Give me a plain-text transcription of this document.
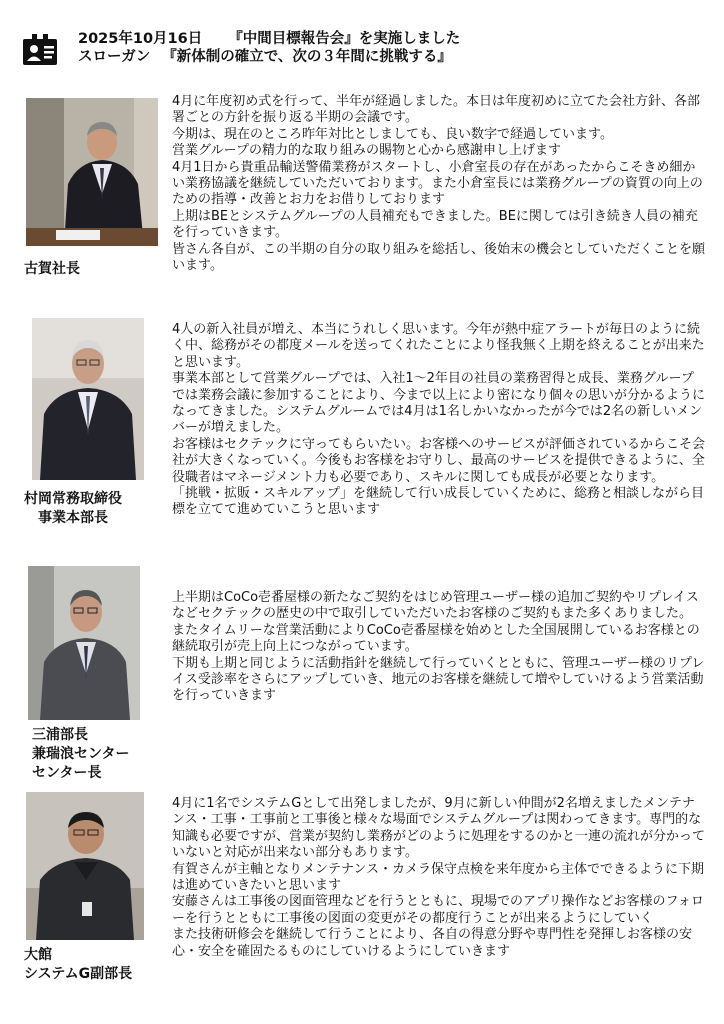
2025年10月16日 『中間目標報告会』を実施しました
スローガン 『新体制の確立で、次の３年間に挑戦する』
古賀社長

4月に年度初め式を行って、半年が経過しました。本日は年度初めに立てた会社方針、各部署ごとの方針を振り返る半期の会議です。

今期は、現在のところ昨年対比としましても、良い数字で経過しています。

営業グループの精力的な取り組みの賜物と心から感謝申し上げます

4月1日から貴重品輸送警備業務がスタートし、小倉室長の存在があったからこそきめ細かい業務協議を継続していただいております。また小倉室長には業務グループの資質の向上のための指導・改善とお力をお借りしております

上期はBEとシステムグループの人員補充もできました。BEに関しては引き続き人員の補充を行っていきます。

皆さん各自が、この半期の自分の取り組みを総括し、後始末の機会としていただくことを願います。

村岡常務取締役
事業本部長

4人の新入社員が増え、本当にうれしく思います。今年が熱中症アラートが毎日のように続く中、総務がその都度メールを送ってくれたことにより怪我無く上期を終えることが出来たと思います。

事業本部として営業グループでは、入社1～2年目の社員の業務習得と成長、業務グループでは業務会議に参加することにより、今まで以上により密になり個々の思いが分かるようになってきました。システムグルームでは4月は1名しかいなかったが今では2名の新しいメンバーが増えました。

お客様はセクテックに守ってもらいたい。お客様へのサービスが評価されているからこそ会社が大きくなっていく。今後もお客様をお守りし、最高のサービスを提供できるように、全役職者はマネージメント力も必要であり、スキルに関しても成長が必要となります。

「挑戦・拡販・スキルアップ」を継続して行い成長していくために、総務と相談しながら目標を立てて進めていこうと思います

三浦部長
兼瑞浪センター
センター長

上半期はCoCo壱番屋様の新たなご契約をはじめ管理ユーザー様の追加ご契約やリプレイスなどセクテックの歴史の中で取引していただいたお客様のご契約もまた多くありました。

またタイムリーな営業活動によりCoCo壱番屋様を始めとした全国展開しているお客様との継続取引が売上向上につながっています。

下期も上期と同じように活動指針を継続して行っていくとともに、管理ユーザー様のリプレイス受診率をさらにアップしていき、地元のお客様を継続して増やしていけるよう営業活動を行っていきます

大館
システムG副部長

4月に1名でシステムGとして出発しましたが、9月に新しい仲間が2名増えましたメンテナンス・工事・工事前と工事後と様々な場面でシステムグループは関わってきます。専門的な知識も必要ですが、営業が契約し業務がどのように処理をするのかと一連の流れが分かっていないと対応が出来ない部分もあります。

有賀さんが主軸となりメンテナンス・カメラ保守点検を来年度から主体でできるように下期は進めていきたいと思います

安藤さんは工事後の図面管理などを行うとともに、現場でのアプリ操作などお客様のフォローを行うとともに工事後の図面の変更がその都度行うことが出来るようにしていく

また技術研修会を継続して行うことにより、各自の得意分野や専門性を発揮しお客様の安心・安全を確固たるものにしていけるようにしていきます
